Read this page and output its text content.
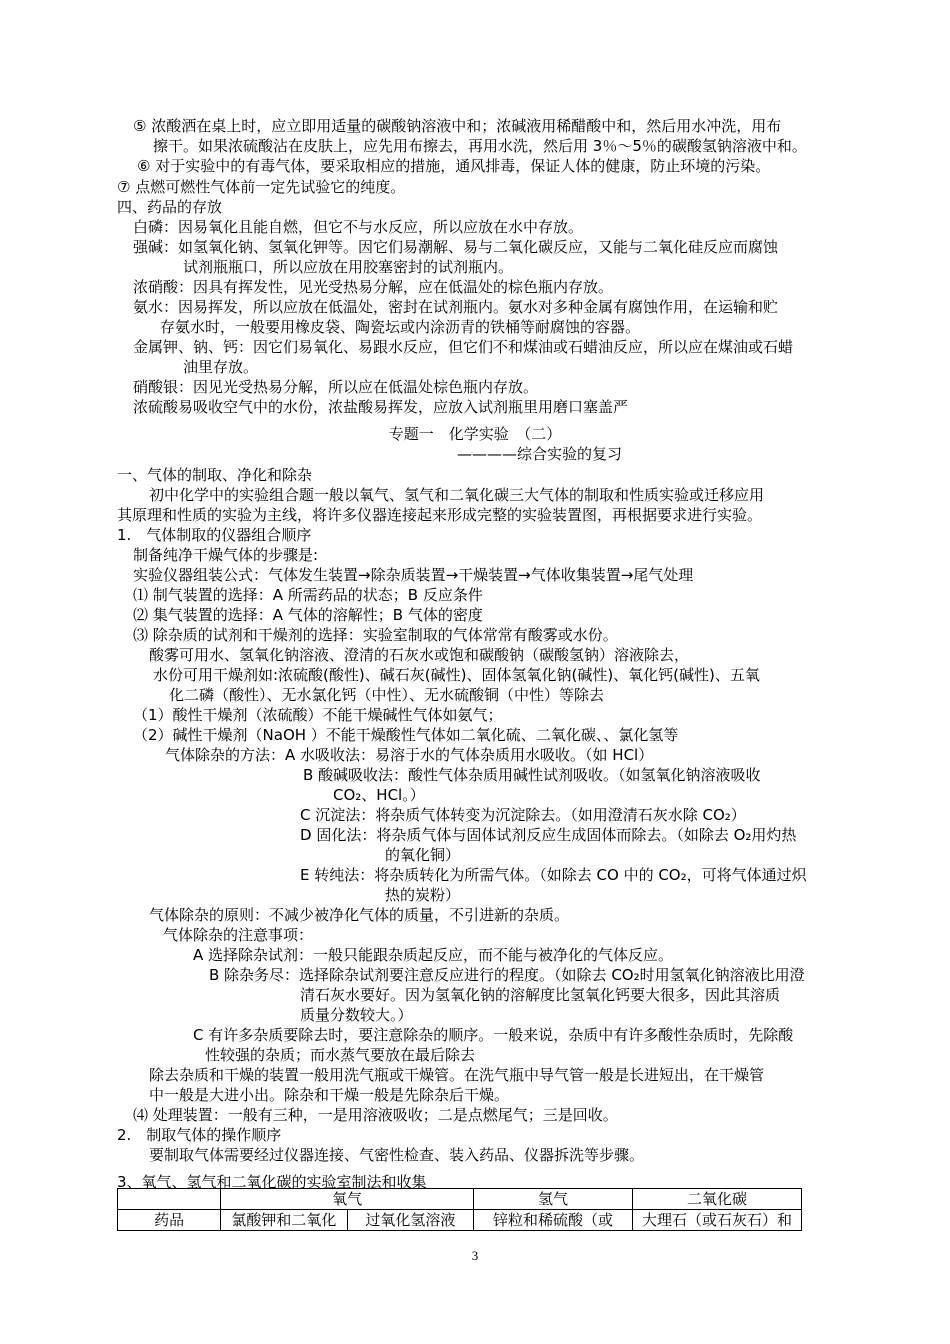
⑤ 浓酸洒在桌上时，应立即用适量的碳酸钠溶液中和；浓碱液用稀醋酸中和，然后用水冲洗，用布
擦干。如果浓硫酸沾在皮肤上，应先用布擦去，再用水洗，然后用 3％～5％的碳酸氢钠溶液中和。
⑥ 对于实验中的有毒气体，要采取相应的措施，通风排毒，保证人体的健康，防止环境的污染。
⑦ 点燃可燃性气体前一定先试验它的纯度。
四、药品的存放
白磷：因易氧化且能自燃，但它不与水反应，所以应放在水中存放。
强碱：如氢氧化钠、氢氧化钾等。因它们易潮解、易与二氧化碳反应，又能与二氧化硅反应而腐蚀
试剂瓶瓶口，所以应放在用胶塞密封的试剂瓶内。
浓硝酸：因具有挥发性，见光受热易分解，应在低温处的棕色瓶内存放。
氨水：因易挥发，所以应放在低温处，密封在试剂瓶内。氨水对多种金属有腐蚀作用，在运输和贮
存氨水时，一般要用橡皮袋、陶瓷坛或内涂沥青的铁桶等耐腐蚀的容器。
金属钾、钠、钙：因它们易氧化、易跟水反应，但它们不和煤油或石蜡油反应，所以应在煤油或石蜡
油里存放。
硝酸银：因见光受热易分解，所以应在低温处棕色瓶内存放。
浓硫酸易吸收空气中的水份，浓盐酸易挥发，应放入试剂瓶里用磨口塞盖严
专题一　化学实验　（二）
————综合实验的复习
一、气体的制取、净化和除杂
初中化学中的实验组合题一般以氧气、氢气和二氧化碳三大气体的制取和性质实验或迁移应用
其原理和性质的实验为主线，将许多仪器连接起来形成完整的实验装置图，再根据要求进行实验。
1.　气体制取的仪器组合顺序
制备纯净干燥气体的步骤是:
实验仪器组装公式：气体发生装置→除杂质装置→干燥装置→气体收集装置→尾气处理
⑴ 制气装置的选择：A 所需药品的状态；B 反应条件
⑵ 集气装置的选择：A 气体的溶解性；B 气体的密度
⑶ 除杂质的试剂和干燥剂的选择：实验室制取的气体常常有酸雾或水份。
酸雾可用水、氢氧化钠溶液、澄清的石灰水或饱和碳酸钠（碳酸氢钠）溶液除去，
水份可用干燥剂如:浓硫酸(酸性)、碱石灰(碱性)、固体氢氧化钠(碱性)、氧化钙(碱性)、五氧
化二磷（酸性）、无水氯化钙（中性）、无水硫酸铜（中性）等除去
（1）酸性干燥剂（浓硫酸）不能干燥碱性气体如氨气；
（2）碱性干燥剂（NaOH ）不能干燥酸性气体如二氧化硫、二氧化碳、、氯化氢等
气体除杂的方法：A 水吸收法：易溶于水的气体杂质用水吸收。（如 HCl）
B 酸碱吸收法：酸性气体杂质用碱性试剂吸收。（如氢氧化钠溶液吸收
CO₂、HCl。）
C 沉淀法：将杂质气体转变为沉淀除去。（如用澄清石灰水除 CO₂）
D 固化法：将杂质气体与固体试剂反应生成固体而除去。（如除去 O₂用灼热
的氧化铜）
E 转纯法：将杂质转化为所需气体。（如除去 CO 中的 CO₂，可将气体通过炽
热的炭粉）
气体除杂的原则：不减少被净化气体的质量，不引进新的杂质。
气体除杂的注意事项：
A 选择除杂试剂：一般只能跟杂质起反应，而不能与被净化的气体反应。
B 除杂务尽：选择除杂试剂要注意反应进行的程度。（如除去 CO₂时用氢氧化钠溶液比用澄
清石灰水要好。因为氢氧化钠的溶解度比氢氧化钙要大很多，因此其溶质
质量分数较大。）
C 有许多杂质要除去时，要注意除杂的顺序。一般来说，杂质中有许多酸性杂质时，先除酸
性较强的杂质；而水蒸气要放在最后除去
除去杂质和干燥的装置一般用洗气瓶或干燥管。在洗气瓶中导气管一般是长进短出，在干燥管
中一般是大进小出。除杂和干燥一般是先除杂后干燥。
⑷ 处理装置：一般有三种，一是用溶液吸收；二是点燃尾气；三是回收。
2.　制取气体的操作顺序
要制取气体需要经过仪器连接、气密性检查、装入药品、仪器拆洗等步骤。
3、氧气、氢气和二氧化碳的实验室制法和收集
	氧气		氢气	二氧化碳
药品	氯酸钾和二氧化	过氧化氢溶液	锌粒和稀硫酸（或	大理石（或石灰石）和
3
